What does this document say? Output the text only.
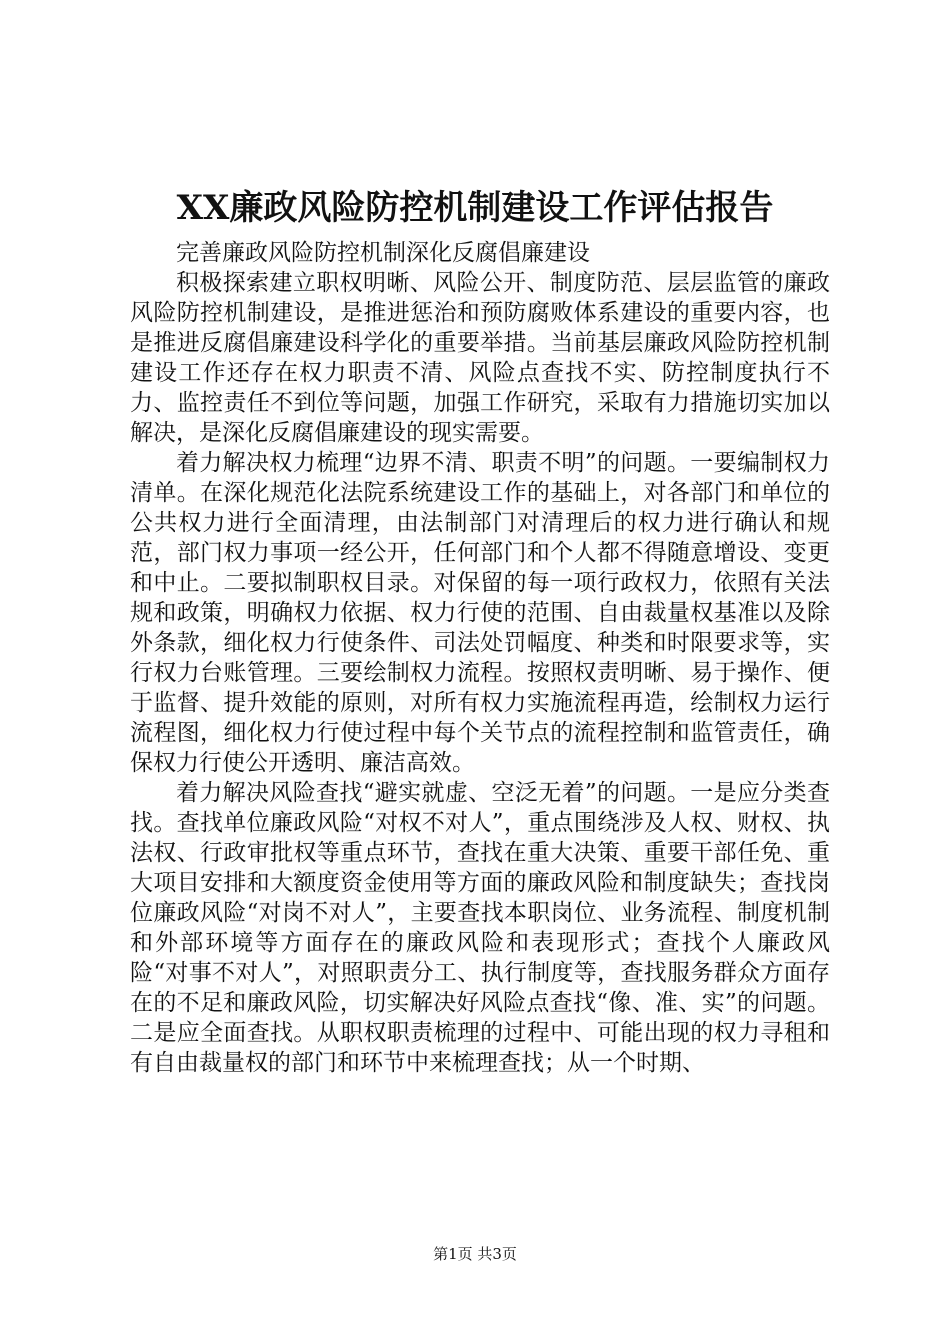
XX廉政风险防控机制建设工作评估报告

完善廉政风险防控机制深化反腐倡廉建设

积极探索建立职权明晰、风险公开、制度防范、层层监管的廉政风险防控机制建设，是推进惩治和预防腐败体系建设的重要内容，也是推进反腐倡廉建设科学化的重要举措。当前基层廉政风险防控机制建设工作还存在权力职责不清、风险点查找不实、防控制度执行不力、监控责任不到位等问题，加强工作研究，采取有力措施切实加以解决，是深化反腐倡廉建设的现实需要。

着力解决权力梳理“边界不清、职责不明”的问题。一要编制权力清单。在深化规范化法院系统建设工作的基础上，对各部门和单位的公共权力进行全面清理，由法制部门对清理后的权力进行确认和规范，部门权力事项一经公开，任何部门和个人都不得随意增设、变更和中止。二要拟制职权目录。对保留的每一项行政权力，依照有关法规和政策，明确权力依据、权力行使的范围、自由裁量权基准以及除外条款，细化权力行使条件、司法处罚幅度、种类和时限要求等，实行权力台账管理。三要绘制权力流程。按照权责明晰、易于操作、便于监督、提升效能的原则，对所有权力实施流程再造，绘制权力运行流程图，细化权力行使过程中每个关节点的流程控制和监管责任，确保权力行使公开透明、廉洁高效。

着力解决风险查找“避实就虚、空泛无着”的问题。一是应分类查找。查找单位廉政风险“对权不对人”，重点围绕涉及人权、财权、执法权、行政审批权等重点环节，查找在重大决策、重要干部任免、重大项目安排和大额度资金使用等方面的廉政风险和制度缺失；查找岗位廉政风险“对岗不对人”，主要查找本职岗位、业务流程、制度机制和外部环境等方面存在的廉政风险和表现形式；查找个人廉政风险“对事不对人”，对照职责分工、执行制度等，查找服务群众方面存在的不足和廉政风险，切实解决好风险点查找“像、准、实”的问题。二是应全面查找。从职权职责梳理的过程中、可能出现的权力寻租和有自由裁量权的部门和环节中来梳理查找；从一个时期、

第1页 共3页
